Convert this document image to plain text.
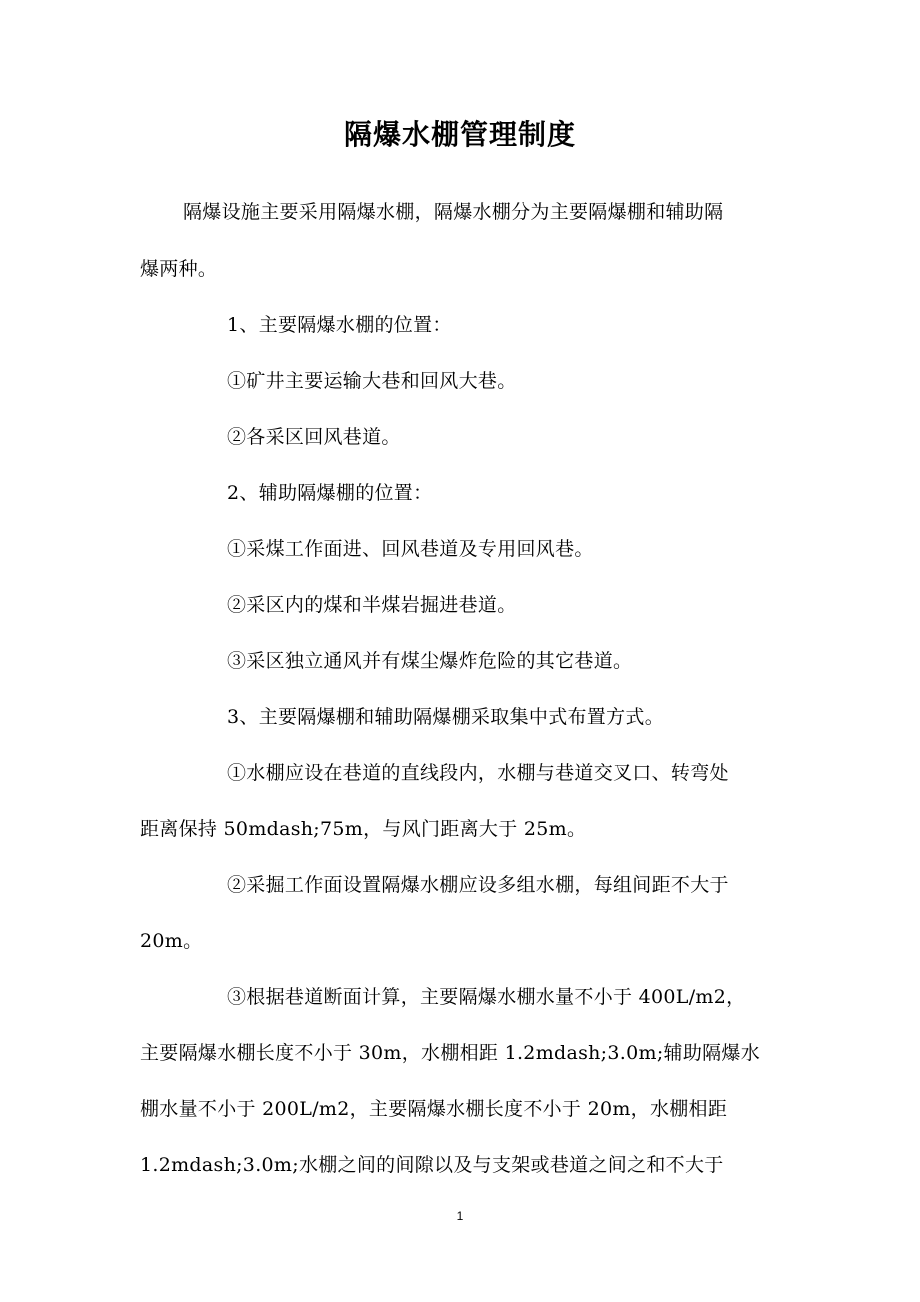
隔爆水棚管理制度
隔爆设施主要采用隔爆水棚，隔爆水棚分为主要隔爆棚和辅助隔
爆两种。
1、主要隔爆水棚的位置：
①矿井主要运输大巷和回风大巷。
②各采区回风巷道。
2、辅助隔爆棚的位置：
①采煤工作面进、回风巷道及专用回风巷。
②采区内的煤和半煤岩掘进巷道。
③采区独立通风并有煤尘爆炸危险的其它巷道。
3、主要隔爆棚和辅助隔爆棚采取集中式布置方式。
①水棚应设在巷道的直线段内，水棚与巷道交叉口、转弯处
距离保持 50mdash;75m，与风门距离大于 25m。
②采掘工作面设置隔爆水棚应设多组水棚，每组间距不大于
20m。
③根据巷道断面计算，主要隔爆水棚水量不小于 400L/m2，
主要隔爆水棚长度不小于 30m，水棚相距 1.2mdash;3.0m;辅助隔爆水
棚水量不小于 200L/m2，主要隔爆水棚长度不小于 20m，水棚相距
1.2mdash;3.0m;水棚之间的间隙以及与支架或巷道之间之和不大于
1
